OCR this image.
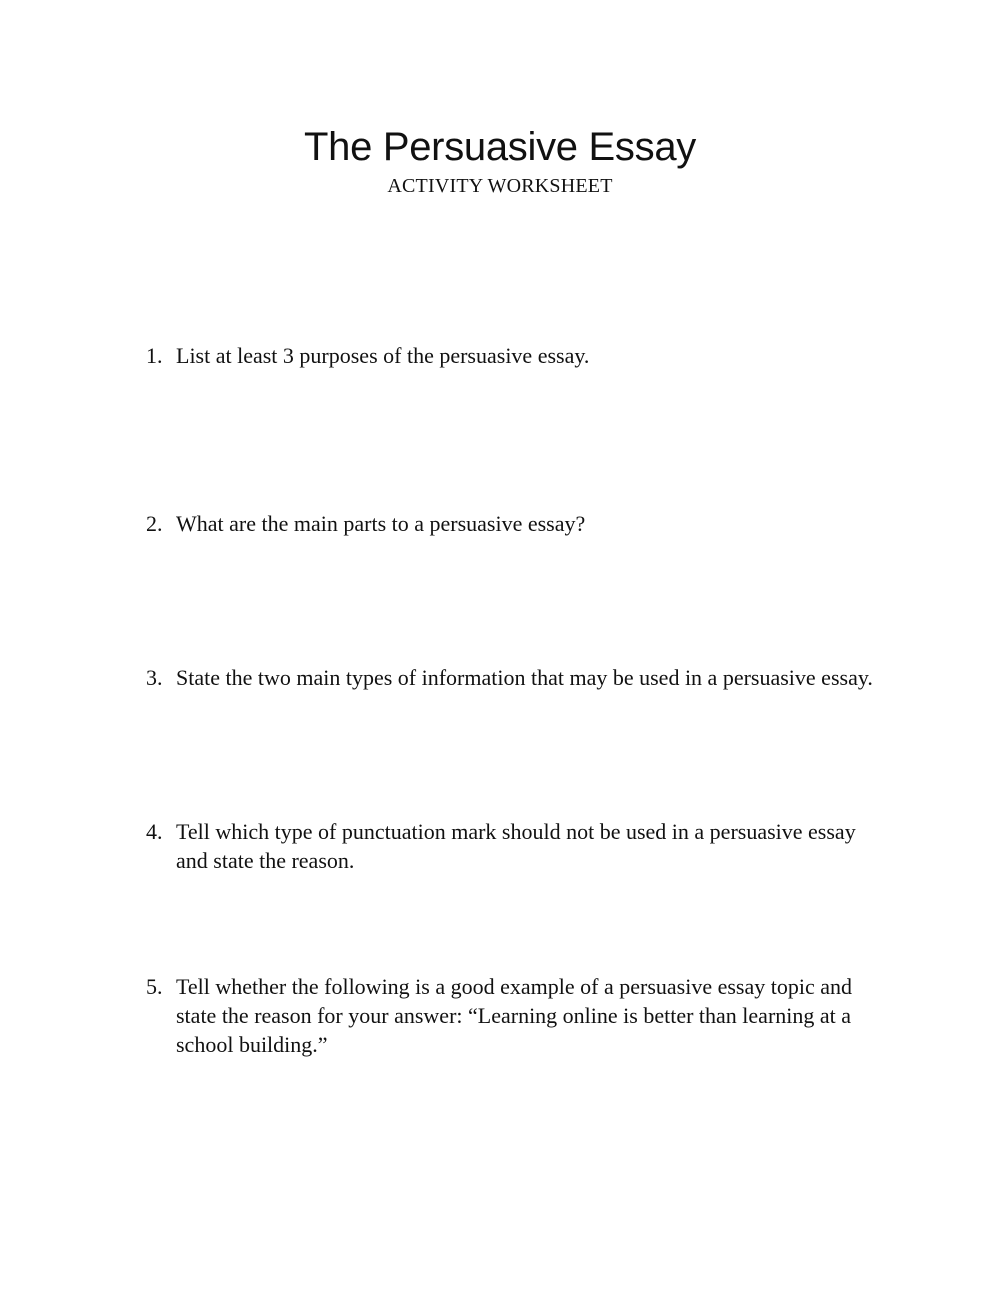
The Persuasive Essay
ACTIVITY WORKSHEET
1. List at least 3 purposes of the persuasive essay.
2. What are the main parts to a persuasive essay?
3. State the two main types of information that may be used in a persuasive essay.
4. Tell which type of punctuation mark should not be used in a persuasive essay and state the reason.
5. Tell whether the following is a good example of a persuasive essay topic and state the reason for your answer: “Learning online is better than learning at a school building.”
